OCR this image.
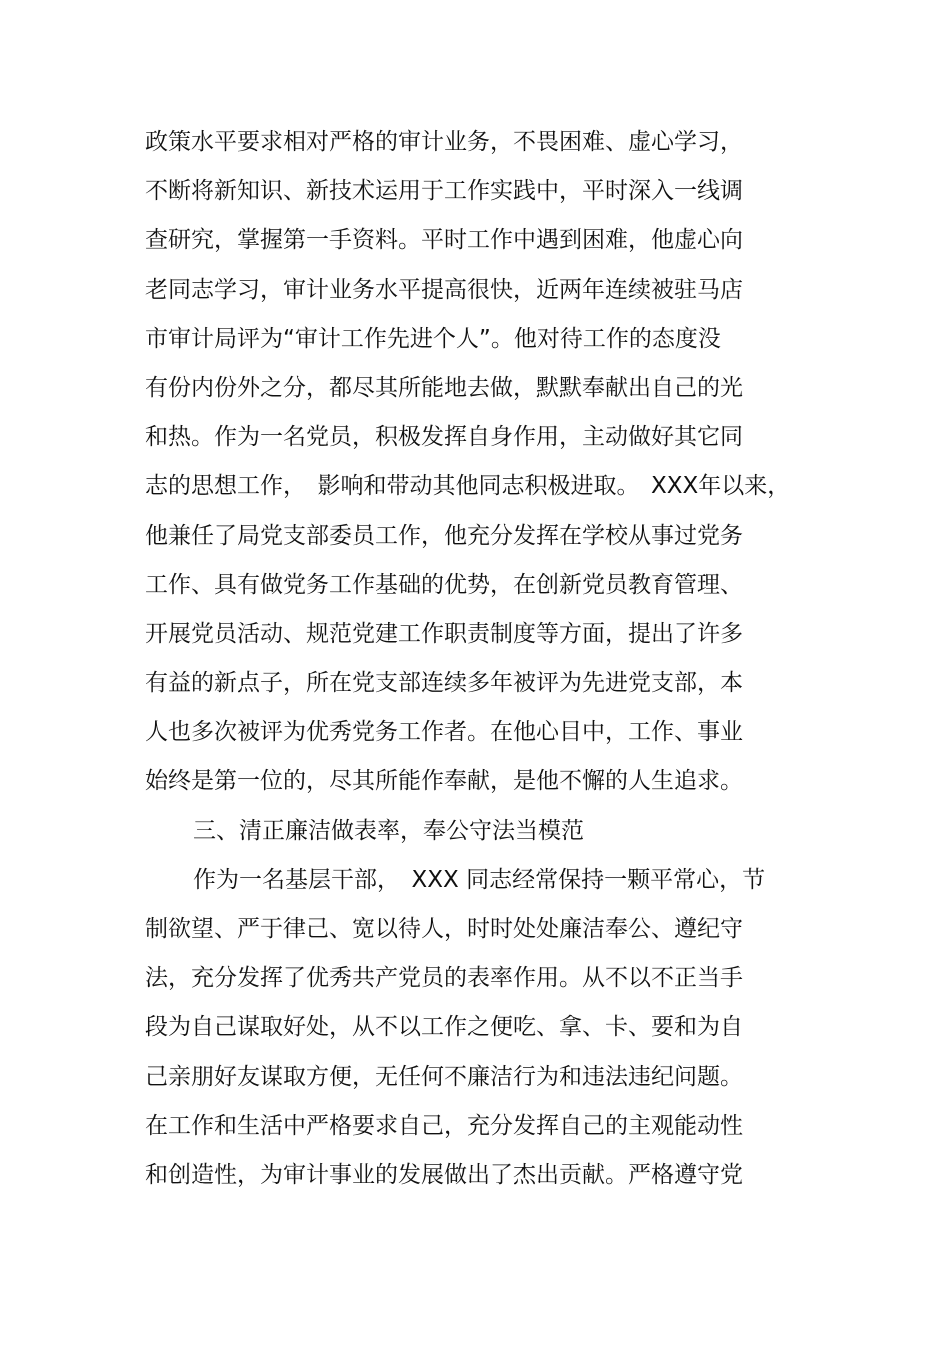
政策水平要求相对严格的审计业务，不畏困难、虚心学习，
不断将新知识、新技术运用于工作实践中，平时深入一线调
查研究，掌握第一手资料。平时工作中遇到困难，他虚心向
老同志学习，审计业务水平提高很快，近两年连续被驻马店
市审计局评为“审计工作先进个人”。他对待工作的态度没
有份内份外之分，都尽其所能地去做，默默奉献出自己的光
和热。作为一名党员，积极发挥自身作用，主动做好其它同
志的思想工作，　影响和带动其他同志积极进取。　XXX年以来，
他兼任了局党支部委员工作，他充分发挥在学校从事过党务
工作、具有做党务工作基础的优势，在创新党员教育管理、
开展党员活动、规范党建工作职责制度等方面，提出了许多
有益的新点子，所在党支部连续多年被评为先进党支部，本
人也多次被评为优秀党务工作者。在他心目中，工作、事业
始终是第一位的，尽其所能作奉献，是他不懈的人生追求。
三、清正廉洁做表率，奉公守法当模范
作为一名基层干部，　XXX 同志经常保持一颗平常心，节
制欲望、严于律己、宽以待人，时时处处廉洁奉公、遵纪守
法，充分发挥了优秀共产党员的表率作用。从不以不正当手
段为自己谋取好处，从不以工作之便吃、拿、卡、要和为自
己亲朋好友谋取方便，无任何不廉洁行为和违法违纪问题。
在工作和生活中严格要求自己，充分发挥自己的主观能动性
和创造性，为审计事业的发展做出了杰出贡献。严格遵守党
